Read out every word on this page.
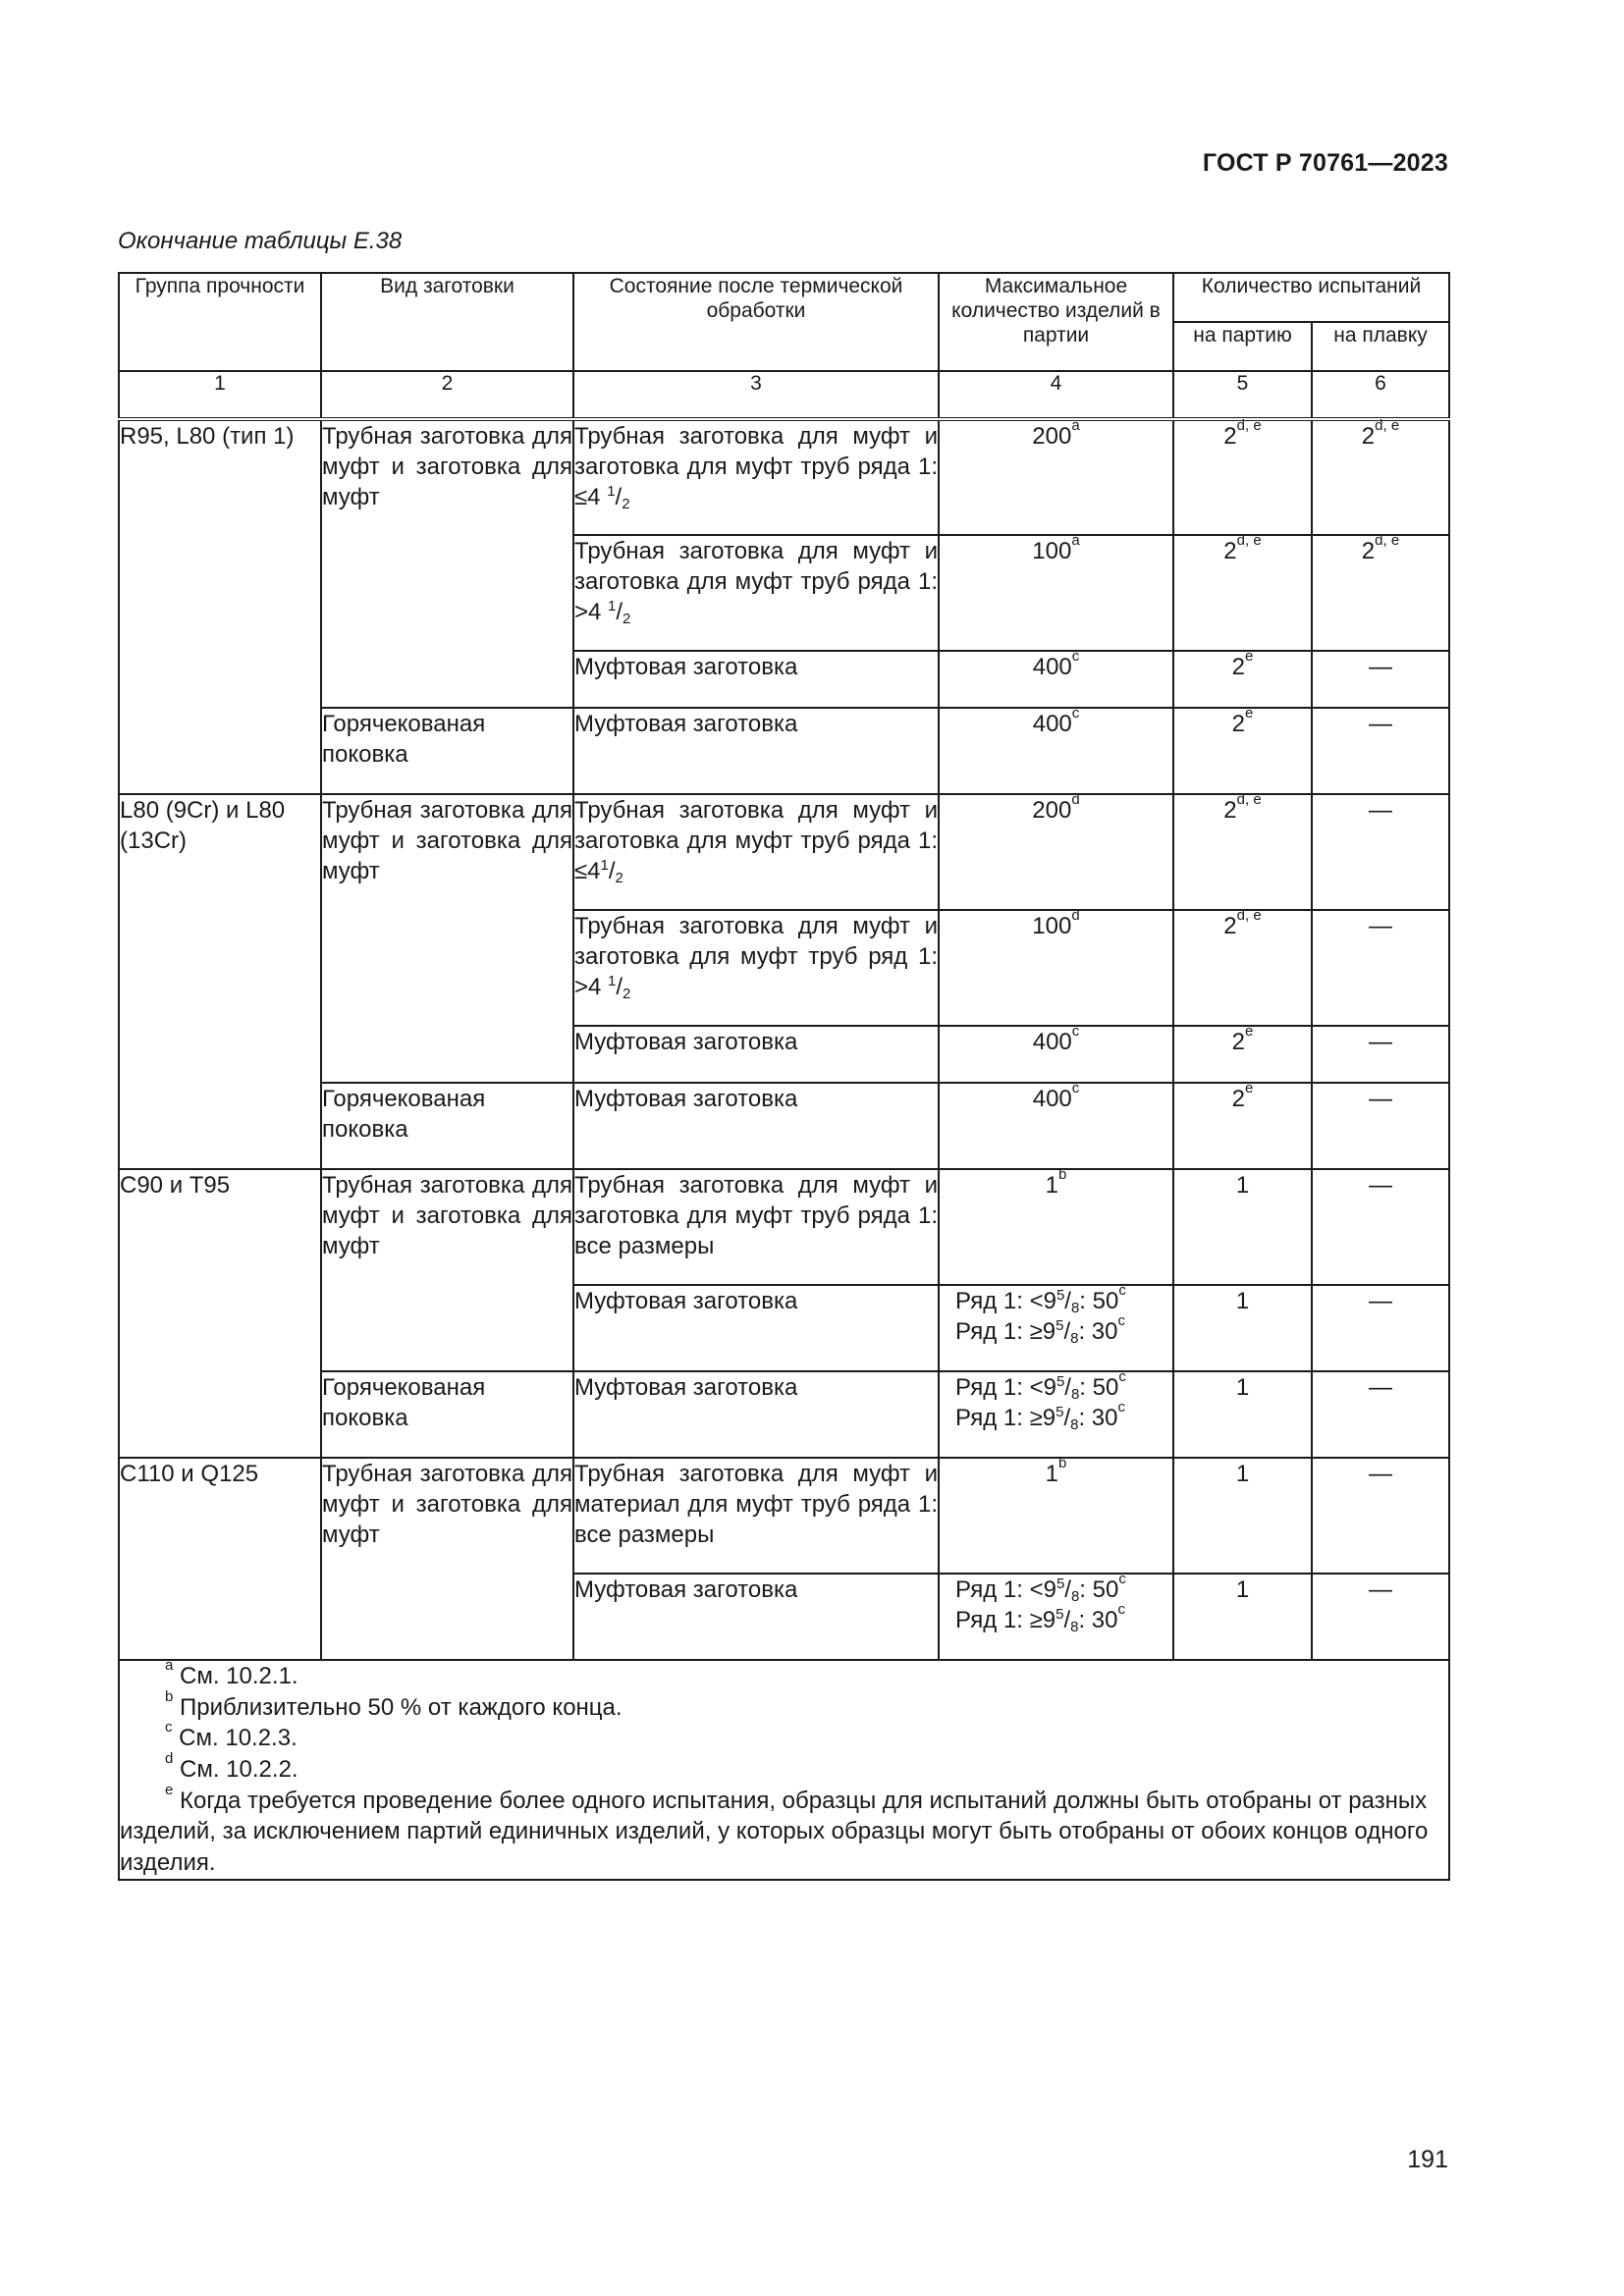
ГОСТ Р 70761—2023
Окончание таблицы Е.38
Группа прочности	Вид заготовки	Состояние после термической обработки	Максимальное количество изделий в партии	Количество испытаний	
				на партию	на плавку
1	2	3	4	5	6
R95, L80 (тип 1)	Трубная заготовка для муфт и заготовка для муфт	Трубная заготовка для муфт и заготовка для муфт труб ряда 1: ≤4 $^1/_2$	200$^a$	2$^{d, e}$	2$^{d, e}$
		Трубная заготовка для муфт и заготовка для муфт труб ряда 1: >4 $^1/_2$	100$^a$	2$^{d, e}$	2$^{d, e}$
		Муфтовая заготовка	400$^c$	2e	—
	Горячекованая поковка	Муфтовая заготовка	400$^c$	2e	—
L80 (9Cr) и L80 (13Cr)	Трубная заготовка для муфт и заготовка для муфт	Трубная заготовка для муфт и заготовка для муфт труб ряда 1: $\le 4^1/_2$	200$^d$	2$^{d, e}$	—
		Трубная заготовка для муфт и заготовка для муфт труб ряд 1: >4 $^1/_2$	100$^d$	2$^{d, e}$	—
		Муфтовая заготовка	400$^c$	2e	—
	Горячекованая поковка	Муфтовая заготовка	400$^c$	2e	—
C90 и T95	Трубная заготовка для муфт и заготовка для муфт	Трубная заготовка для муфт и заготовка для муфт труб ряда 1: все размеры	1$^b$	1	—
		Муфтовая заготовка	Ряд 1: $<9^5/_8$: 50$^c$
Ряд 1: $\ge 9^5/_8$: 30$^c$	1	—
	Горячекованая поковка	Муфтовая заготовка	Ряд 1: $<9^5/_8$: 50$^c$
Ряд 1: $\ge 9^5/_8$: 30$^c$	1	—
C110 и Q125	Трубная заготовка для муфт и заготовка для муфт	Трубная заготовка для муфт и материал для муфт труб ряда 1: все размеры	1$^b$	1	—
		Муфтовая заготовка	Ряд 1: $<9^5/_8$: 50$^c$
Ряд 1: $\ge 9^5/_8$: 30$^c$	1	—

$^a$ См. 10.2.1.
$^b$ Приблизительно 50 % от каждого конца.
$^c$ См. 10.2.3.
$^d$ См. 10.2.2.
$^e$ Когда требуется проведение более одного испытания, образцы для испытаний должны быть отобраны от разных изделий, за исключением партий единичных изделий, у которых образцы могут быть отобраны от обоих концов одного изделия.					
191
